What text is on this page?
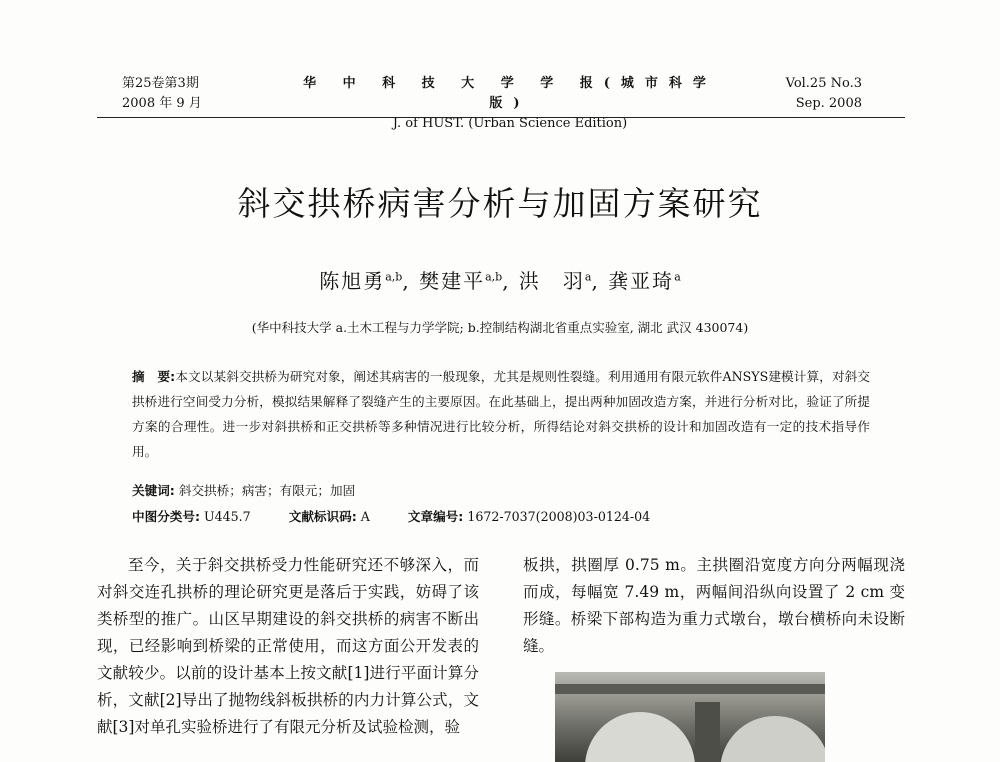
第25卷第3期
2008 年 9 月
华 中 科 技 大 学 学 报(城市科学版)
J. of HUST. (Urban Science Edition)
Vol.25 No.3
Sep. 2008
斜交拱桥病害分析与加固方案研究
陈旭勇$^{a,b}$, 樊建平$^{a,b}$, 洪　羽$^a$, 龚亚琦$^a$
(华中科技大学 a.土木工程与力学学院; b.控制结构湖北省重点实验室, 湖北 武汉 430074)
摘　要:本文以某斜交拱桥为研究对象，阐述其病害的一般现象，尤其是规则性裂缝。利用通用有限元软件ANSYS建模计算，对斜交拱桥进行空间受力分析，模拟结果解释了裂缝产生的主要原因。在此基础上，提出两种加固改造方案，并进行分析对比，验证了所提方案的合理性。进一步对斜拱桥和正交拱桥等多种情况进行比较分析，所得结论对斜交拱桥的设计和加固改造有一定的技术指导作用。
关键词: 斜交拱桥；病害；有限元；加固
中图分类号: U445.7	文献标识码: A	文章编号: 1672-7037(2008)03-0124-04
至今，关于斜交拱桥受力性能研究还不够深入，而对斜交连孔拱桥的理论研究更是落后于实践，妨碍了该类桥型的推广。山区早期建设的斜交拱桥的病害不断出现，已经影响到桥梁的正常使用，而这方面公开发表的文献较少。以前的设计基本上按文献[1]进行平面计算分析，文献[2]导出了抛物线斜板拱桥的内力计算公式，文献[3]对单孔实验桥进行了有限元分析及试验检测，验
板拱，拱圈厚 0.75 m。主拱圈沿宽度方向分两幅现浇而成，每幅宽 7.49 m，两幅间沿纵向设置了 2 cm 变形缝。桥梁下部构造为重力式墩台，墩台横桥向未设断缝。
